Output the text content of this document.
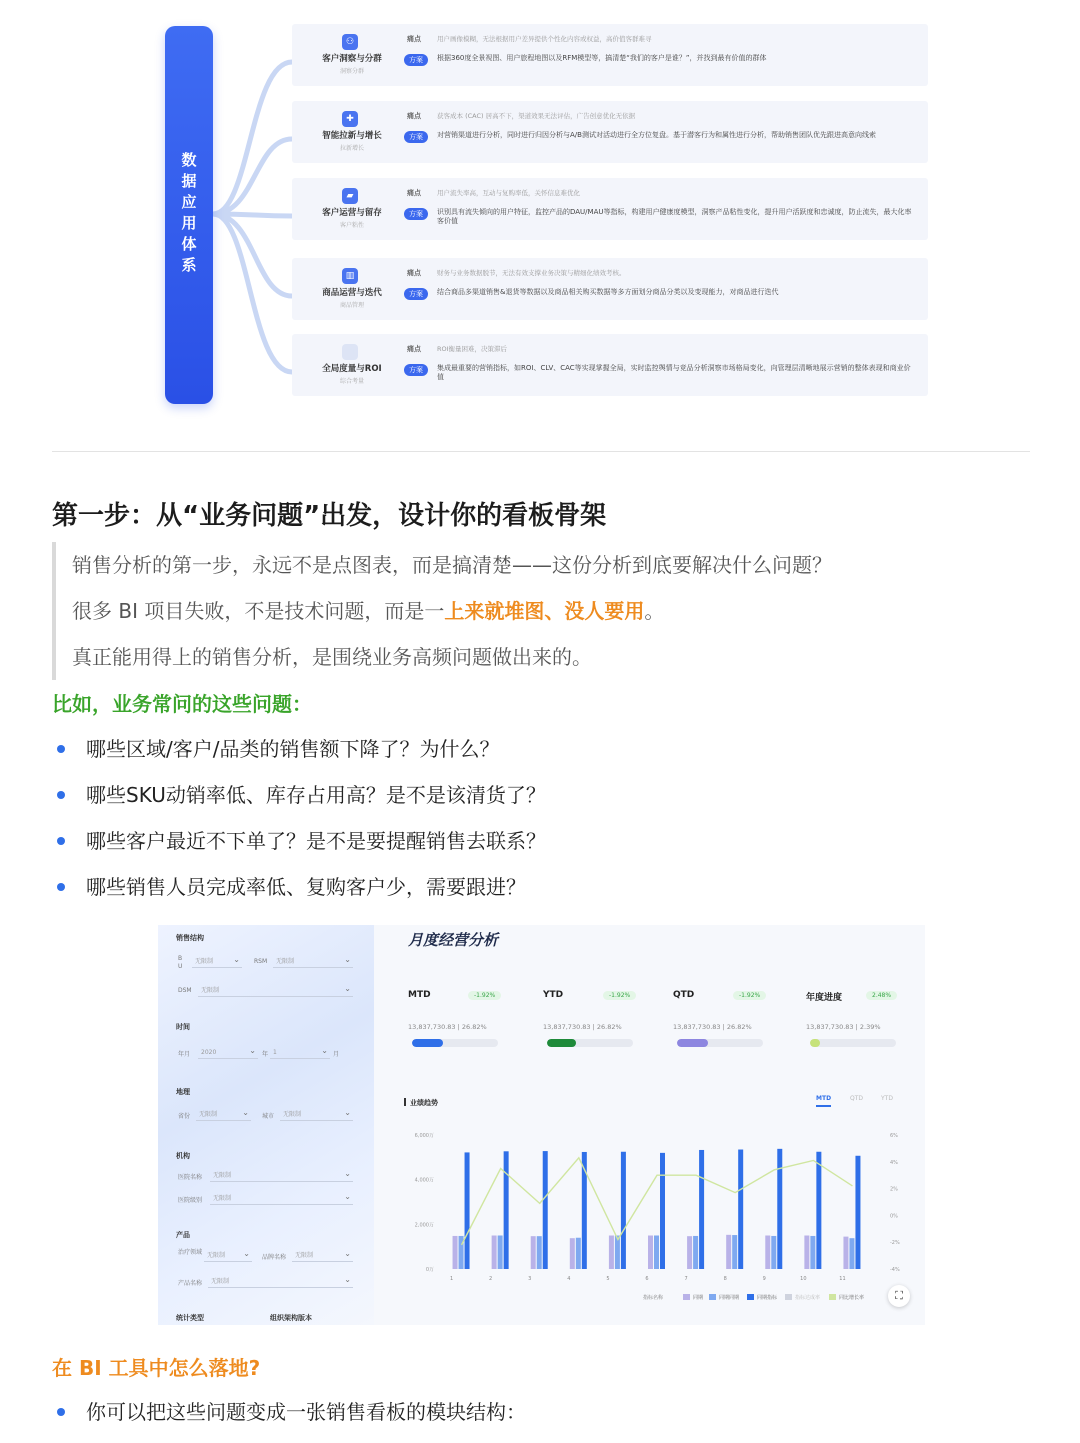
数据应用体系
⚇
客户洞察与分群
洞察分群
痛点 用户画像模糊，无法根据用户差异提供个性化内容或权益，高价值客群难寻
方案	根据360度全景视图、用户旅程地图以及RFM模型等，搞清楚“我们的客户是谁？”，并找到最有价值的群体
✚
智能拉新与增长
拉新增长
痛点 获客成本 (CAC) 居高不下，渠道效果无法评估，广告创意优化无依据
方案	对营销渠道进行分析，同时进行归因分析与A/B测试对活动进行全方位复盘。基于潜客行为和属性进行分析，帮助销售团队优先跟进高意向线索
▰
客户运营与留存
客户粘性
痛点 用户流失率高，互动与复购率低，关怀信息难优化
方案	识别具有流失倾向的用户特征，监控产品的DAU/MAU等指标，构建用户健康度模型，洞察产品粘性变化，提升用户活跃度和忠诚度，防止流失，最大化率客价值
▥
商品运营与迭代
商品管理
痛点 财务与业务数据脱节，无法有效支撑业务决策与精细化绩效考核。
方案	结合商品多渠道销售&退货等数据以及商品相关购买数据等多方面划分商品分类以及变现能力，对商品进行迭代
◻
全局度量与ROI
综合考量
痛点 ROI衡量困难，决策滞后
方案	集成最重要的营销指标，如ROI、CLV、CAC等实现掌握全局，实时监控舆情与竞品分析洞察市场格局变化，向管理层清晰地展示营销的整体表现和商业价值
第一步：从“业务问题”出发，设计你的看板骨架

销售分析的第一步，永远不是点图表，而是搞清楚——这份分析到底要解决什么问题？

很多 BI 项目失败，不是技术问题，而是一上来就堆图、没人要用。

真正能用得上的销售分析，是围绕业务高频问题做出来的。

比如，业务常问的这些问题：
哪些区域/客户/品类的销售额下降了？为什么？
哪些SKU动销率低、库存占用高？是不是该清货了？
哪些客户最近不下单了？是不是要提醒销售去联系？
哪些销售人员完成率低、复购客户少，需要跟进？
销售结构
B U
无限制 ⌄	RSM	无限制 ⌄
DSM	无限制 ⌄
时间
年月	2020 ⌄	年 1 ⌄	月
地理
省份	无限制 ⌄	城市	无限制 ⌄
机构
医院名称	无限制 ⌄
医院级别	无限制 ⌄
产品
治疗领域 无限制 ⌄	品牌名称	无限制 ⌄
产品名称	无限制 ⌄
统计类型	组织架构版本
月度经营分析
MTD	-1.92%
13,837,730.83 | 26.82%
YTD	-1.92%
13,837,730.83 | 26.82%
QTD	-1.92%
13,837,730.83 | 26.82%
年度进度	2.48%
13,837,730.83 | 2.39%
业绩趋势
MTD	QTD	YTD
0万
2,000万
4,000万
6,000万
-4%
-2%
0%
2%
4%
6%
1	2	3	4	5	6	7	8	9	10	11
指标名称	同期	同期同期	同期指标	指标达成率	同比增长率	⛶
在 BI 工具中怎么落地?
你可以把这些问题变成一张销售看板的模块结构：
